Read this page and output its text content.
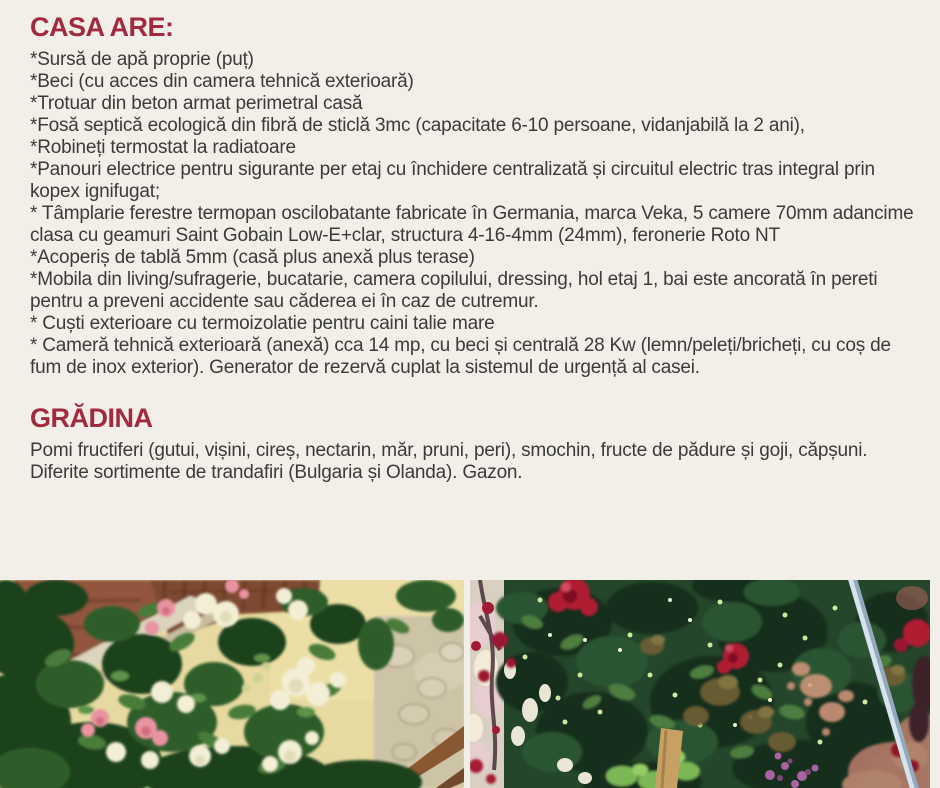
CASA ARE:

*Sursă de apă proprie (puț)

*Beci (cu acces din camera tehnică exterioară)

*Trotuar din beton armat perimetral casă

*Fosă septică ecologică din fibră de sticlă 3mc (capacitate 6-10 persoane, vidanjabilă la 2 ani),

*Robineți termostat la radiatoare

*Panouri electrice pentru sigurante per etaj cu închidere centralizată și circuitul electric tras integral prin kopex ignifugat;

* Tâmplarie ferestre termopan oscilobatante fabricate în Germania, marca Veka, 5 camere 70mm adancime clasa cu geamuri Saint Gobain Low-E+clar, structura 4-16-4mm (24mm), feronerie Roto NT

*Acoperiș de tablă 5mm (casă plus anexă plus terase)

*Mobila din living/sufragerie, bucatarie, camera copilului, dressing, hol etaj 1, bai este ancorată în pereti pentru a preveni accidente sau căderea ei în caz de cutremur.

* Cuști exterioare cu termoizolatie pentru caini talie mare

* Cameră tehnică exterioară (anexă) cca 14 mp, cu beci și centrală 28 Kw (lemn/peleți/bricheți, cu coș de fum de inox exterior). Generator de rezervă cuplat la sistemul de urgență al casei.

GRĂDINA

Pomi fructiferi (gutui, vișini, cireș, nectarin, măr, pruni, peri), smochin, fructe de pădure și goji, căpșuni. Diferite sortimente de trandafiri (Bulgaria și Olanda). Gazon.
